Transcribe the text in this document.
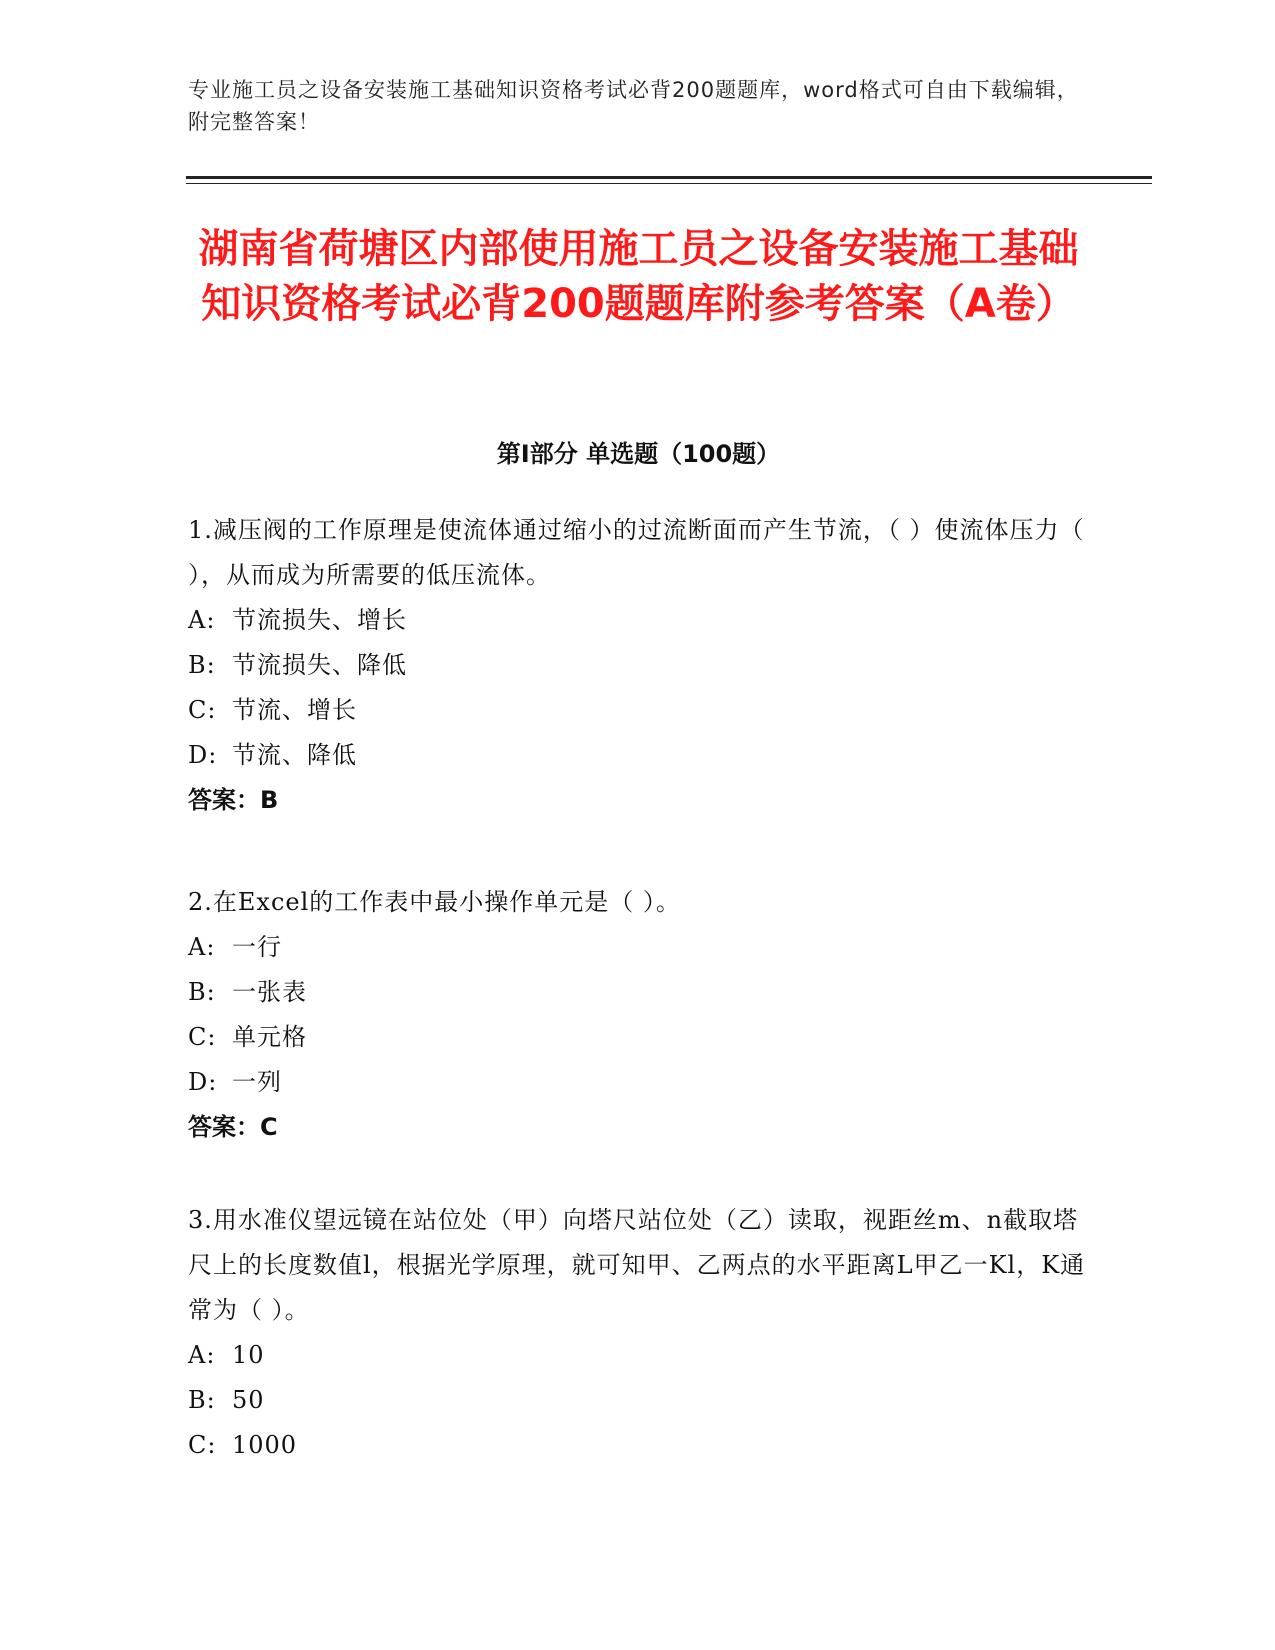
专业施工员之设备安装施工基础知识资格考试必背200题题库，word格式可自由下载编辑，附完整答案！
湖南省荷塘区内部使用施工员之设备安装施工基础知识资格考试必背200题题库附参考答案（A卷）
第I部分 单选题（100题）
1.减压阀的工作原理是使流体通过缩小的过流断面而产生节流，（ ）使流体压力（ ），从而成为所需要的低压流体。
A: 节流损失、增长
B: 节流损失、降低
C: 节流、增长
D: 节流、降低
答案：B
2.在Excel的工作表中最小操作单元是（ ）。
A: 一行
B: 一张表
C: 单元格
D: 一列
答案：C
3.用水准仪望远镜在站位处（甲）向塔尺站位处（乙）读取，视距丝m、n截取塔尺上的长度数值l，根据光学原理，就可知甲、乙两点的水平距离L甲乙一Kl，K通常为（ ）。
A: 10
B: 50
C: 1000
